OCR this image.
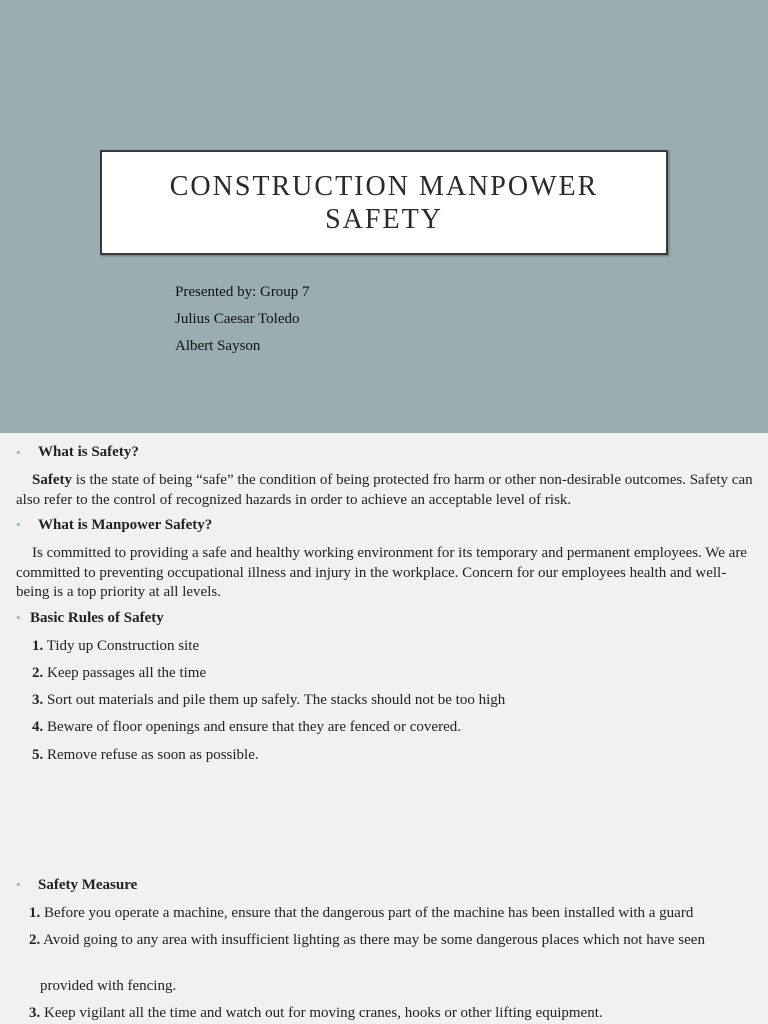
CONSTRUCTION MANPOWER SAFETY
Presented by: Group 7
Julius Caesar Toledo
Albert Sayson
• What is Safety?
Safety is the state of being “safe” the condition of being protected fro harm or other non-desirable outcomes. Safety can also refer to the control of recognized hazards in order to achieve an acceptable level of risk.
• What is Manpower Safety?
Is committed to providing a safe and healthy working environment for its temporary and permanent employees. We are committed to preventing occupational illness and injury in the workplace. Concern for our employees health and well-being is a top priority at all levels.
• Basic Rules of Safety
1. Tidy up Construction site
2. Keep passages all the time
3. Sort out materials and pile them up safely. The stacks should not be too high
4. Beware of floor openings and ensure that they are fenced or covered.
5. Remove refuse as soon as possible.
• Safety Measure
1. Before you operate a machine, ensure that the dangerous part of the machine has been installed with a guard
2. Avoid going to any area with insufficient lighting as there may be some dangerous places which not have seen
provided with fencing.
3. Keep vigilant all the time and watch out for moving cranes, hooks or other lifting equipment.
